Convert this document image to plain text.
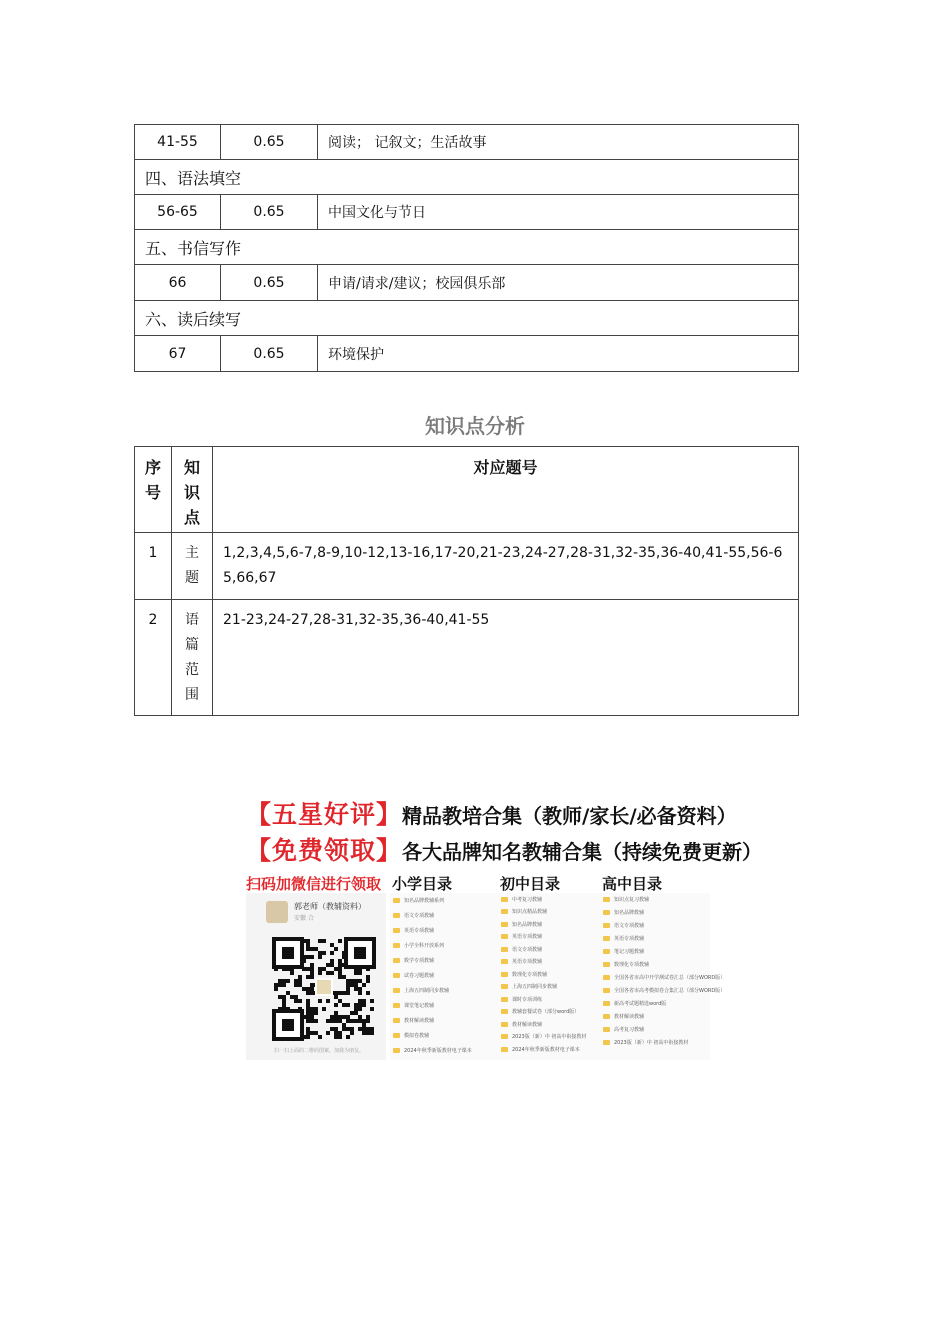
41-55	0.65	阅读； 记叙文；生活故事
四、语法填空		
56-65	0.65	中国文化与节日
五、书信写作		
66	0.65	申请/请求/建议；校园俱乐部
六、读后续写		
67	0.65	环境保护
知识点分析
序号	知识点	对应题号
1	主题	1,2,3,4,5,6-7,8-9,10-12,13-16,17-20,21-23,24-27,28-31,32-35,36-40,41-55,56-65,66,67
2	语篇范围	21-23,24-27,28-31,32-35,36-40,41-55
【五星好评】精品教培合集（教师/家长/必备资料）
【免费领取】各大品牌知名教辅合集（持续免费更新）
扫码加微信进行领取 小学目录	初中目录	高中目录
郭老师（教辅资料）
安徽 合
扫一扫上面的二维码图案，加我为朋友。
知名品牌教辅系列
语文专项教辅
英语专项教辅
小学全科开放系列
数学专项教辅
试卷习题教辅
上海五四制同步教辅
课堂笔记教辅
教材解读教辅
模拟卷教辅
2024年秋季新版教材电子课本
中考复习教辅
知识点精品教辅
知名品牌教辅
英语专项教辅
语文专项教辅
英语专项教辅
数理化专项教辅
上海五四制同步教辅
课时专项训练
教辅套餐试卷（部分word版）
教材解读教辅
2023版（新）中 初高中衔接教材
2024年秋季新版教材电子课本
知识点复习教辅
知名品牌教辅
语文专项教辅
英语专项教辅
笔记习题教辅
数理化专项教辅
全国各省市高中开学测试卷汇总（部分WORD版）
全国各省市高考模拟卷合集汇总（部分WORD版）
新高考试题精选word版
教材解读教辅
高考复习教辅
2023版（新）中 初高中衔接教材
